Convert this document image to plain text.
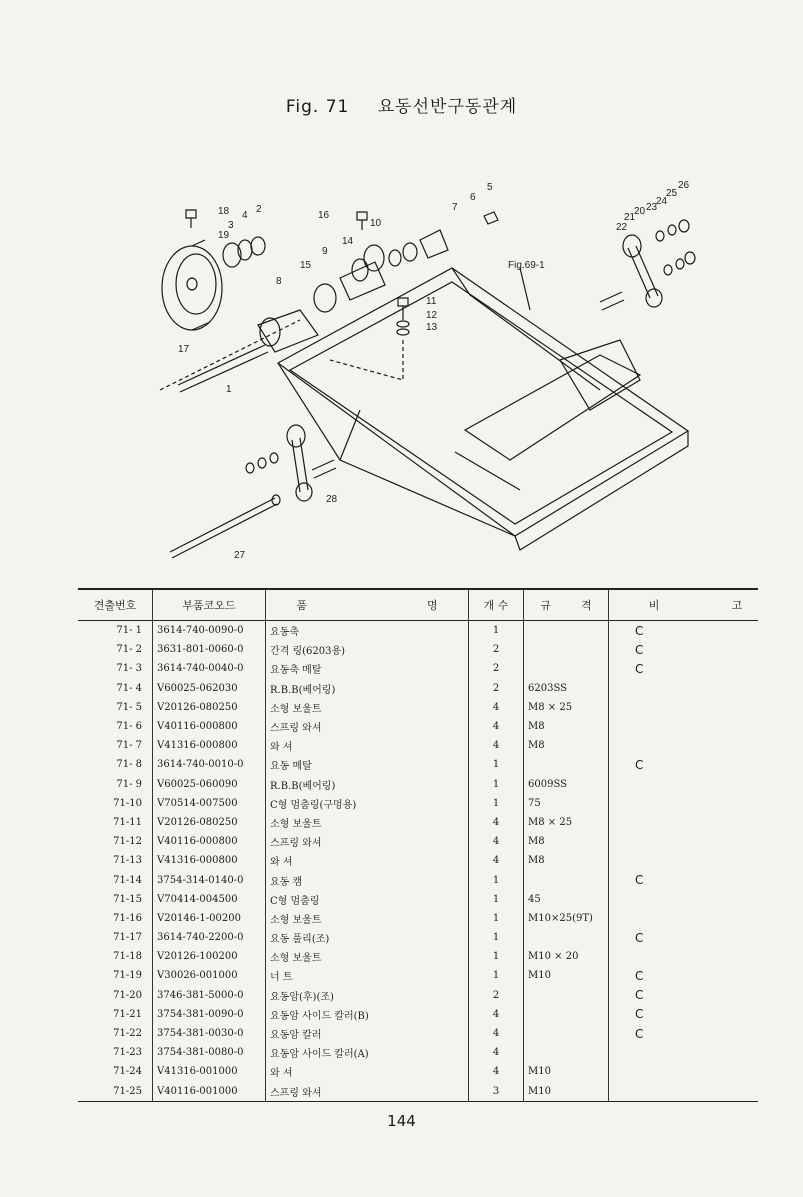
Fig. 71 요동선반구동관계
Fig.69-1
1
2
3
4
5
6
7
8
9
10
11
12
13
14
15
16
17
18
19
20
21
22
23
24
25
26
27
28
견출번호	부품코오드	품 명	개 수	규 격	비 고
71- 1	3614-740-0090-0	요동축	1		C
71- 2	3631-801-0060-0	간격 링(6203용)	2		C
71- 3	3614-740-0040-0	요동축 메탈	2		C
71- 4	V60025-062030	R.B.B(베어링)	2	6203SS	
71- 5	V20126-080250	소형 보울트	4	M8 × 25	
71- 6	V40116-000800	스프링 와셔	4	M8	
71- 7	V41316-000800	와 셔	4	M8	
71- 8	3614-740-0010-0	요동 메탈	1		C
71- 9	V60025-060090	R.B.B(베어링)	1	6009SS	
71-10	V70514-007500	C형 멈춤링(구멍용)	1	75	
71-11	V20126-080250	소형 보울트	4	M8 × 25	
71-12	V40116-000800	스프링 와셔	4	M8	
71-13	V41316-000800	와 셔	4	M8	
71-14	3754-314-0140-0	요동 캠	1		C
71-15	V70414-004500	C형 멈춤링	1	45	
71-16	V20146-1-00200	소형 보울트	1	M10×25(9T)	
71-17	3614-740-2200-0	요동 풀리(조)	1		C
71-18	V20126-100200	소형 보울트	1	M10 × 20	
71-19	V30026-001000	너 트	1	M10	C
71-20	3746-381-5000-0	요동암(후)(조)	2		C
71-21	3754-381-0090-0	요동암 사이드 칼러(B)	4		C
71-22	3754-381-0030-0	요동암 칼러	4		C
71-23	3754-381-0080-0	요동암 사이드 칼러(A)	4		
71-24	V41316-001000	와 셔	4	M10	
71-25	V40116-001000	스프링 와셔	3	M10	
144
